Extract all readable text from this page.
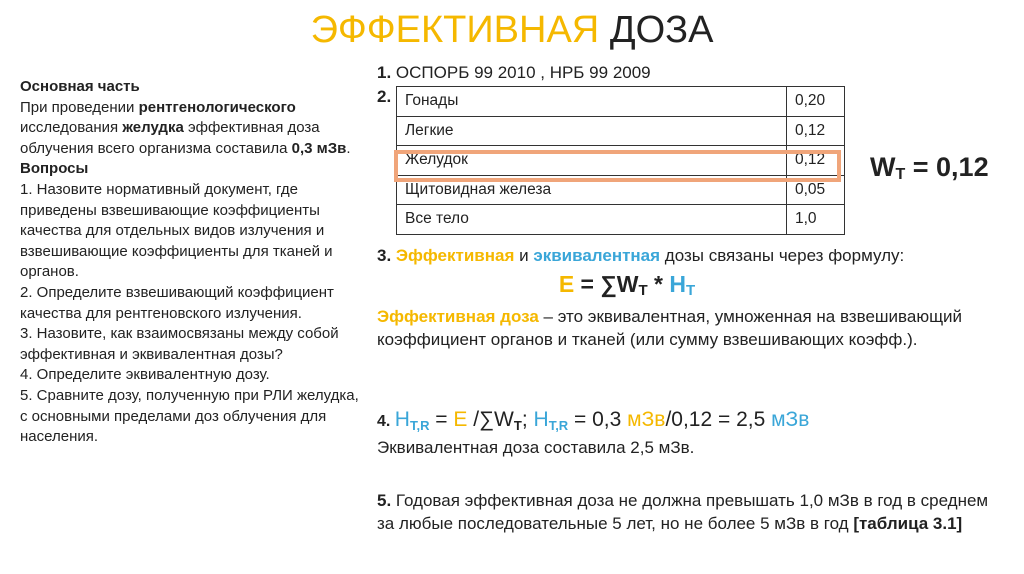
ЭФФЕКТИВНАЯ ДОЗА

Основная часть

При проведении рентгенологического исследования желудка эффективная доза облучения всего организма составила 0,3 мЗв.

Вопросы

1. Назовите нормативный документ, где приведены взвешивающие коэффициенты качества для отдельных видов излучения и взвешивающие коэффициенты для тканей и органов.

2. Определите взвешивающий коэффициент качества для рентгеновского излучения.

3. Назовите, как взаимосвязаны между собой эффективная и эквивалентная дозы?

4. Определите эквивалентную дозу.

5. Сравните дозу, полученную при РЛИ желудка, с основными пределами доз облучения для населения.

1. ОСПОРБ 99 2010 , НРБ 99 2009
2. Гонады	0,20
Легкие	0,12
Желудок	0,12
Щитовидная железа	0,05
Все тело	1,0
$W_Т = 0,12$
3. Эффективная и эквивалентная дозы связаны через формулу:
$E = \sum W_T * H_T$
Эффективная доза – это эквивалентная, умноженная на взвешивающий коэффициент органов и тканей (или сумму взвешивающих коэфф.).
4. $H_{T,R} = E$ $/\sum W_T$; $H_{T,R} = 0,3$ мЗв/0,12 = 2,5 мЗв
Эквивалентная доза составила 2,5 мЗв.
5. Годовая эффективная доза не должна превышать 1,0 мЗв в год в среднем за любые последовательные 5 лет, но не более 5 мЗв в год [таблица 3.1]
